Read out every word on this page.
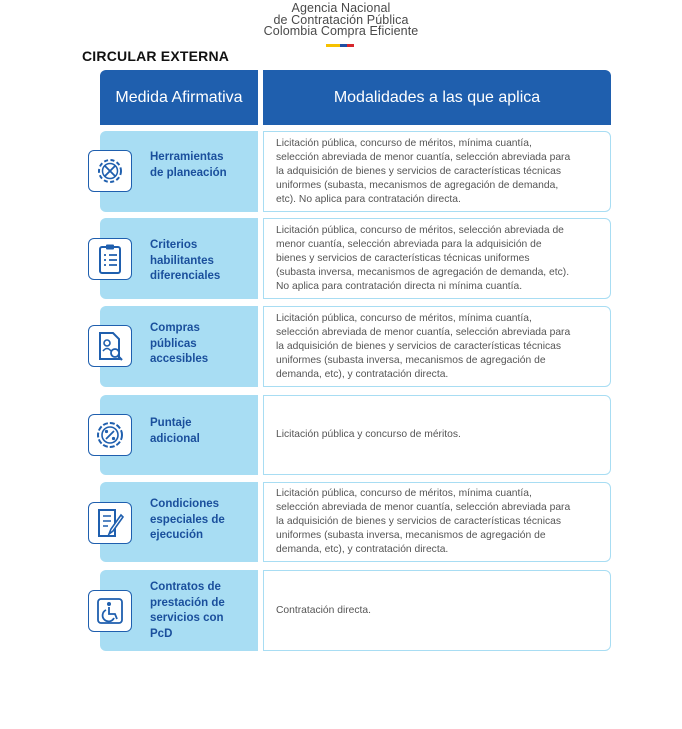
Agencia Nacional
de Contratación Pública
Colombia Compra Eficiente
CIRCULAR EXTERNA
Medida Afirmativa	Modalidades a las que aplica
Herramientas
de planeación
Licitación pública, concurso de méritos, mínima cuantía,
selección abreviada de menor cuantía, selección abreviada para
la adquisición de bienes y servicios de características técnicas
uniformes (subasta, mecanismos de agregación de demanda,
etc). No aplica para contratación directa.
Criterios
habilitantes
diferenciales
Licitación pública, concurso de méritos, selección abreviada de
menor cuantía, selección abreviada para la adquisición de
bienes y servicios de características técnicas uniformes
(subasta inversa, mecanismos de agregación de demanda, etc).
No aplica para contratación directa ni mínima cuantía.
Compras
públicas
accesibles
Licitación pública, concurso de méritos, mínima cuantía,
selección abreviada de menor cuantía, selección abreviada para
la adquisición de bienes y servicios de características técnicas
uniformes (subasta inversa, mecanismos de agregación de
demanda, etc), y contratación directa.
Puntaje
adicional	Licitación pública y concurso de méritos.
Condiciones
especiales de
ejecución
Licitación pública, concurso de méritos, mínima cuantía,
selección abreviada de menor cuantía, selección abreviada para
la adquisición de bienes y servicios de características técnicas
uniformes (subasta inversa, mecanismos de agregación de
demanda, etc), y contratación directa.
Contratos de
prestación de
servicios con
PcD
Contratación directa.
